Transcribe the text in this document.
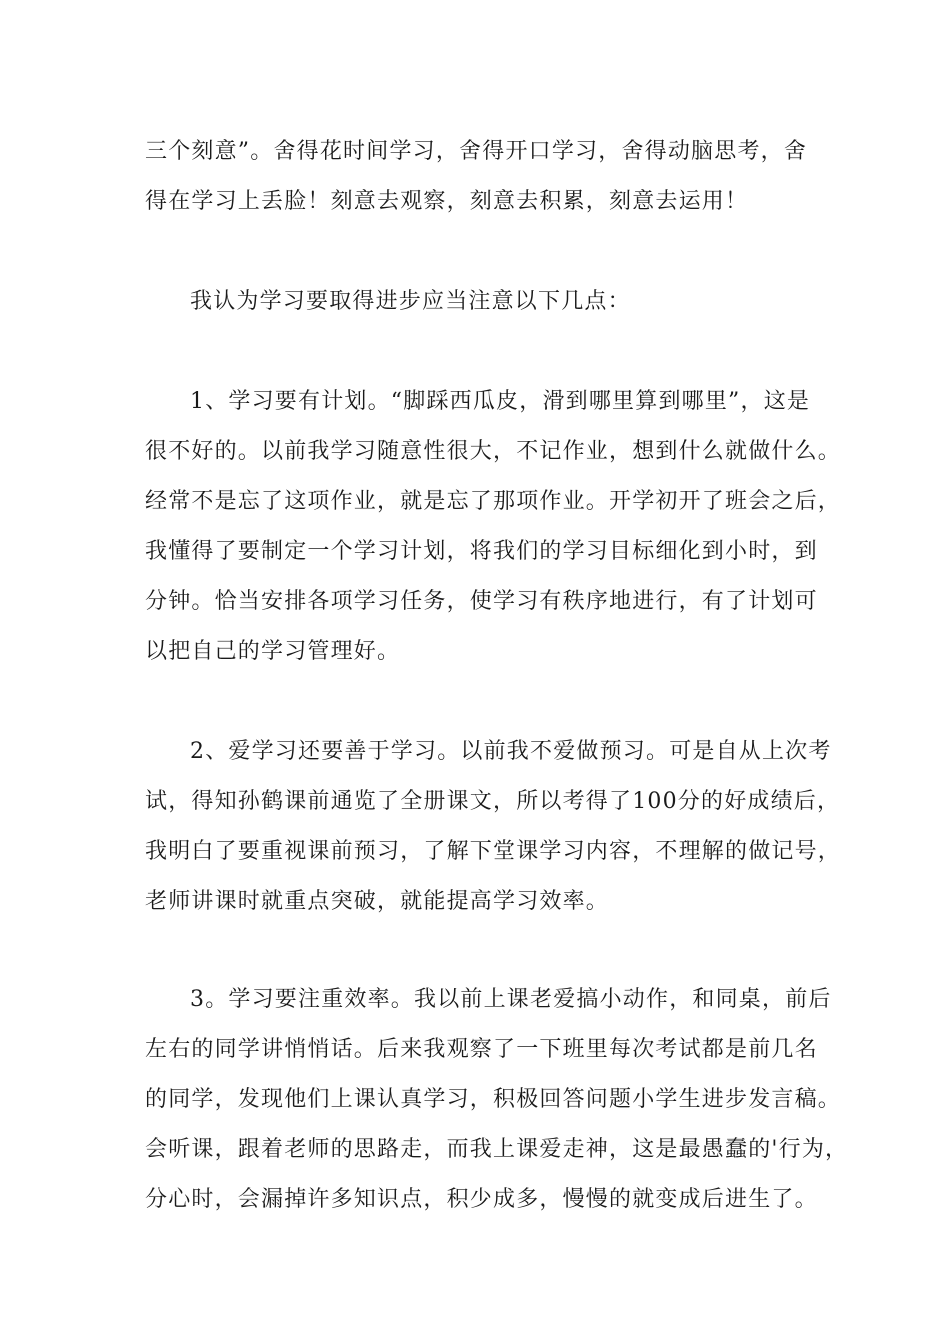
三个刻意”。舍得花时间学习，舍得开口学习，舍得动脑思考，舍
得在学习上丢脸！刻意去观察，刻意去积累，刻意去运用！
我认为学习要取得进步应当注意以下几点：
1、学习要有计划。“脚踩西瓜皮，滑到哪里算到哪里”，这是
很不好的。以前我学习随意性很大，不记作业，想到什么就做什么。
经常不是忘了这项作业，就是忘了那项作业。开学初开了班会之后，
我懂得了要制定一个学习计划，将我们的学习目标细化到小时，到
分钟。恰当安排各项学习任务，使学习有秩序地进行，有了计划可
以把自己的学习管理好。
2、爱学习还要善于学习。以前我不爱做预习。可是自从上次考
试，得知孙鹤课前通览了全册课文，所以考得了100分的好成绩后，
我明白了要重视课前预习，了解下堂课学习内容，不理解的做记号，
老师讲课时就重点突破，就能提高学习效率。
3。学习要注重效率。我以前上课老爱搞小动作，和同桌，前后
左右的同学讲悄悄话。后来我观察了一下班里每次考试都是前几名
的同学，发现他们上课认真学习，积极回答问题小学生进步发言稿。
会听课，跟着老师的思路走，而我上课爱走神，这是最愚蠢的'行为，
分心时，会漏掉许多知识点，积少成多，慢慢的就变成后进生了。
